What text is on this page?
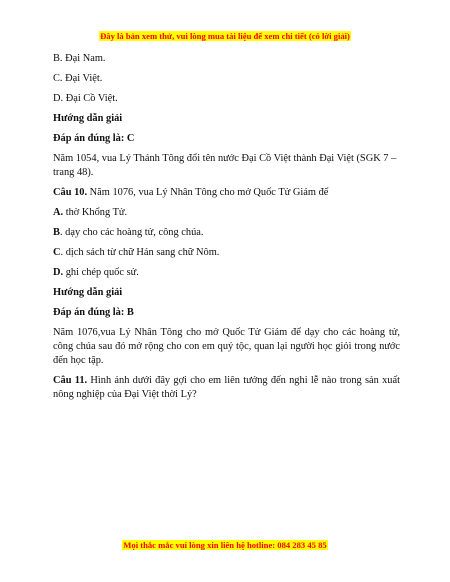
Đây là bản xem thử, vui lòng mua tài liệu để xem chi tiết (có lời giải)

B. Đại Nam.

C. Đại Việt.

D. Đại Cồ Việt.

Hướng dẫn giải

Đáp án đúng là: C

Năm 1054, vua Lý Thánh Tông đổi tên nước Đại Cồ Việt thành Đại Việt (SGK 7 – trang 48).

Câu 10. Năm 1076, vua Lý Nhân Tông cho mở Quốc Tử Giám để

A. thờ Khổng Tử.

B. dạy cho các hoàng tử, công chúa.

C. dịch sách từ chữ Hán sang chữ Nôm.

D. ghi chép quốc sử.

Hướng dẫn giải

Đáp án đúng là: B

Năm 1076,vua Lý Nhân Tông cho mở Quốc Tử Giám để dạy cho các hoàng tử, công chúa sau đó mở rộng cho con em quý tộc, quan lại người học giỏi trong nước đến học tập.

Câu 11. Hình ảnh dưới đây gợi cho em liên tưởng đến nghi lễ nào trong sản xuất nông nghiệp của Đại Việt thời Lý?

Mọi thắc mắc vui lòng xin liên hệ hotline: 084 283 45 85
